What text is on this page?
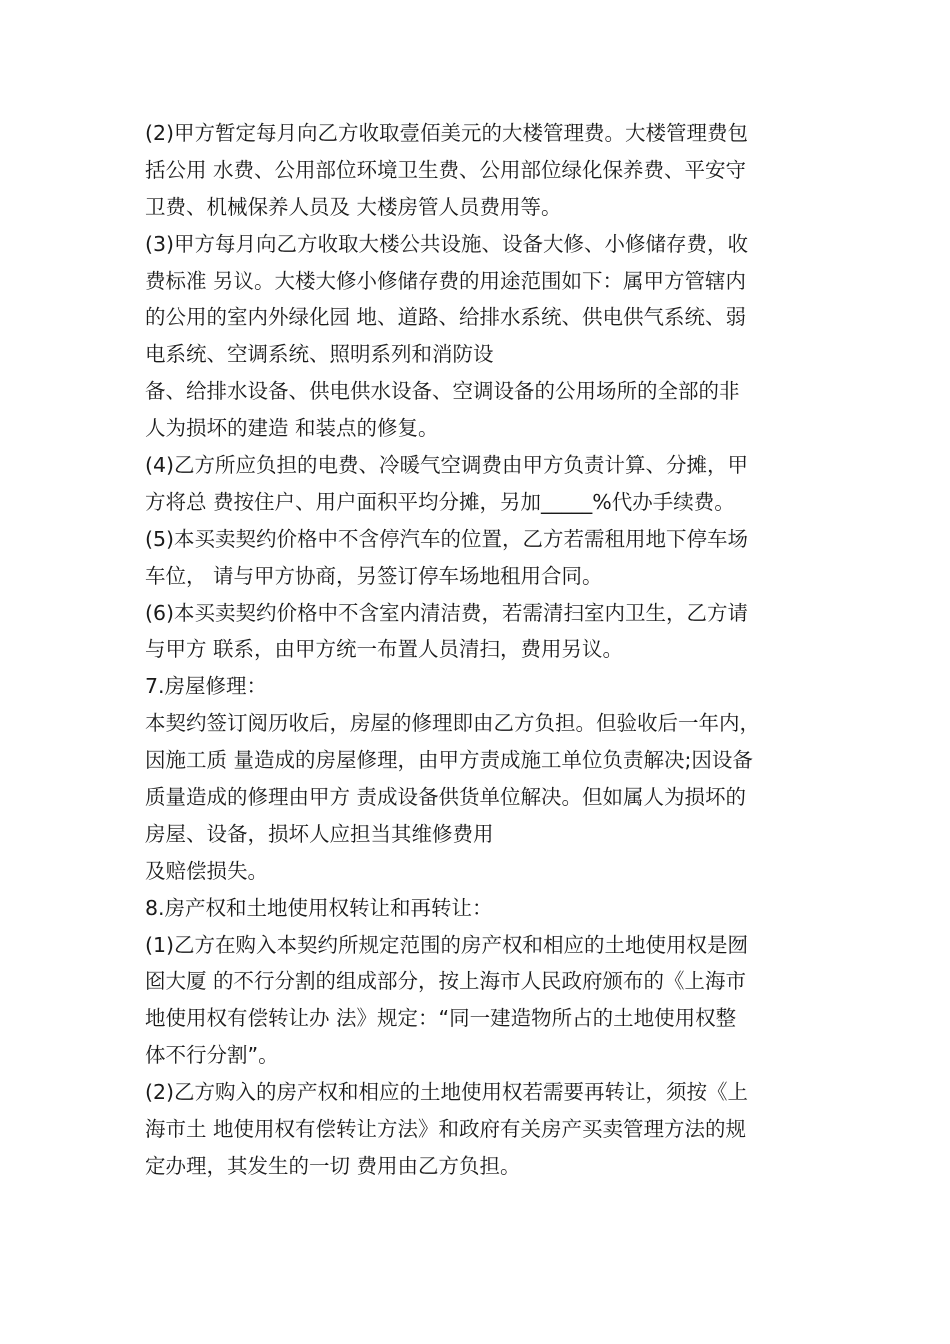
(2)甲方暂定每月向乙方收取壹佰美元的大楼管理费。大楼管理费包
括公用 水费、公用部位环境卫生费、公用部位绿化保养费、平安守
卫费、机械保养人员及 大楼房管人员费用等。
(3)甲方每月向乙方收取大楼公共设施、设备大修、小修储存费，收
费标准 另议。大楼大修小修储存费的用途范围如下：属甲方管辖内
的公用的室内外绿化园 地、道路、给排水系统、供电供气系统、弱
电系统、空调系统、照明系列和消防设
备、给排水设备、供电供水设备、空调设备的公用场所的全部的非
人为损坏的建造 和装点的修复。
(4)乙方所应负担的电费、冷暖气空调费由甲方负责计算、分摊，甲
方将总 费按住户、用户面积平均分摊，另加_____%代办手续费。
(5)本买卖契约价格中不含停汽车的位置，乙方若需租用地下停车场
车位， 请与甲方协商，另签订停车场地租用合同。
(6)本买卖契约价格中不含室内清洁费，若需清扫室内卫生，乙方请
与甲方 联系，由甲方统一布置人员清扫，费用另议。
7.房屋修理：
本契约签订阅历收后，房屋的修理即由乙方负担。但验收后一年内，
因施工质 量造成的房屋修理，由甲方责成施工单位负责解决;因设备
质量造成的修理由甲方 责成设备供货单位解决。但如属人为损坏的
房屋、设备，损坏人应担当其维修费用
及赔偿损失。
8.房产权和土地使用权转让和再转让：
(1)乙方在购入本契约所规定范围的房产权和相应的土地使用权是囫
囵大厦 的不行分割的组成部分，按上海市人民政府颁布的《上海市
地使用权有偿转让办 法》规定：“同一建造物所占的土地使用权整
体不行分割”。
(2)乙方购入的房产权和相应的土地使用权若需要再转让，须按《上
海市土 地使用权有偿转让方法》和政府有关房产买卖管理方法的规
定办理，其发生的一切 费用由乙方负担。
